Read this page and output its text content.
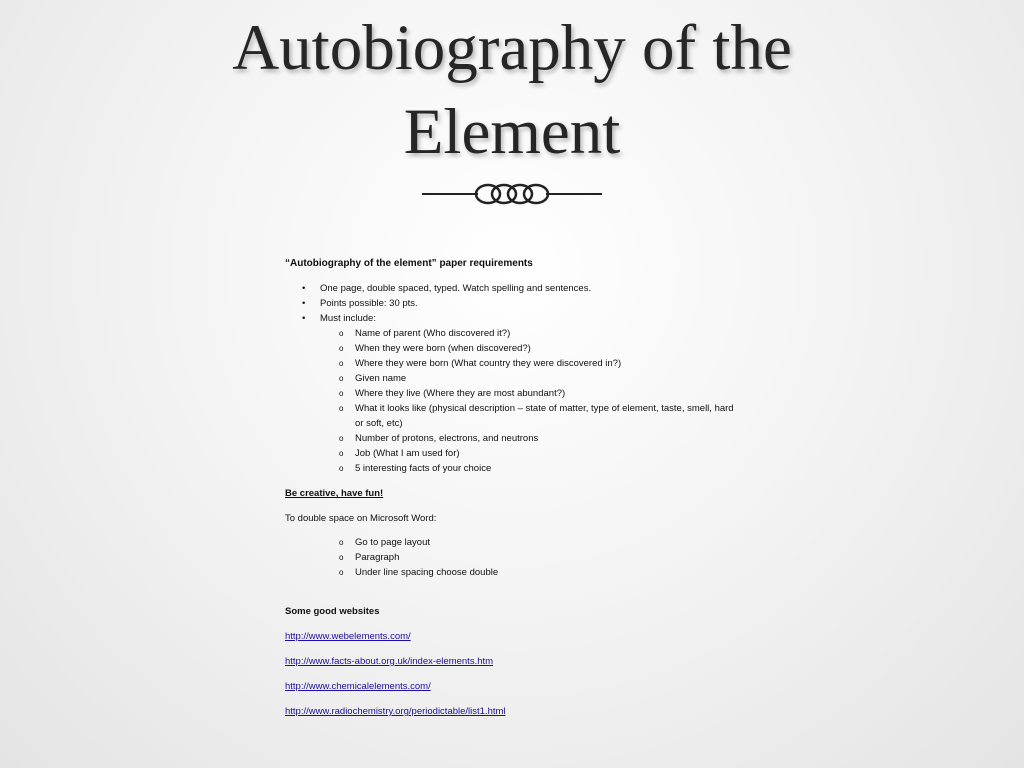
Autobiography of the
Element
“Autobiography of the element” paper requirements
• One page, double spaced, typed. Watch spelling and sentences.
• Points possible: 30 pts.
• Must include:
o Name of parent (Who discovered it?)
o When they were born (when discovered?)
o Where they were born (What country they were discovered in?)
o Given name
o Where they live (Where they are most abundant?)
o What it looks like (physical description – state of matter, type of element, taste, smell, hard or soft, etc)
o Number of protons, electrons, and neutrons
o Job (What I am used for)
o 5 interesting facts of your choice
Be creative, have fun!
To double space on Microsoft Word:
o Go to page layout
o Paragraph
o Under line spacing choose double
Some good websites
http://www.webelements.com/
http://www.facts-about.org.uk/index-elements.htm
http://www.chemicalelements.com/
http://www.radiochemistry.org/periodictable/list1.html
